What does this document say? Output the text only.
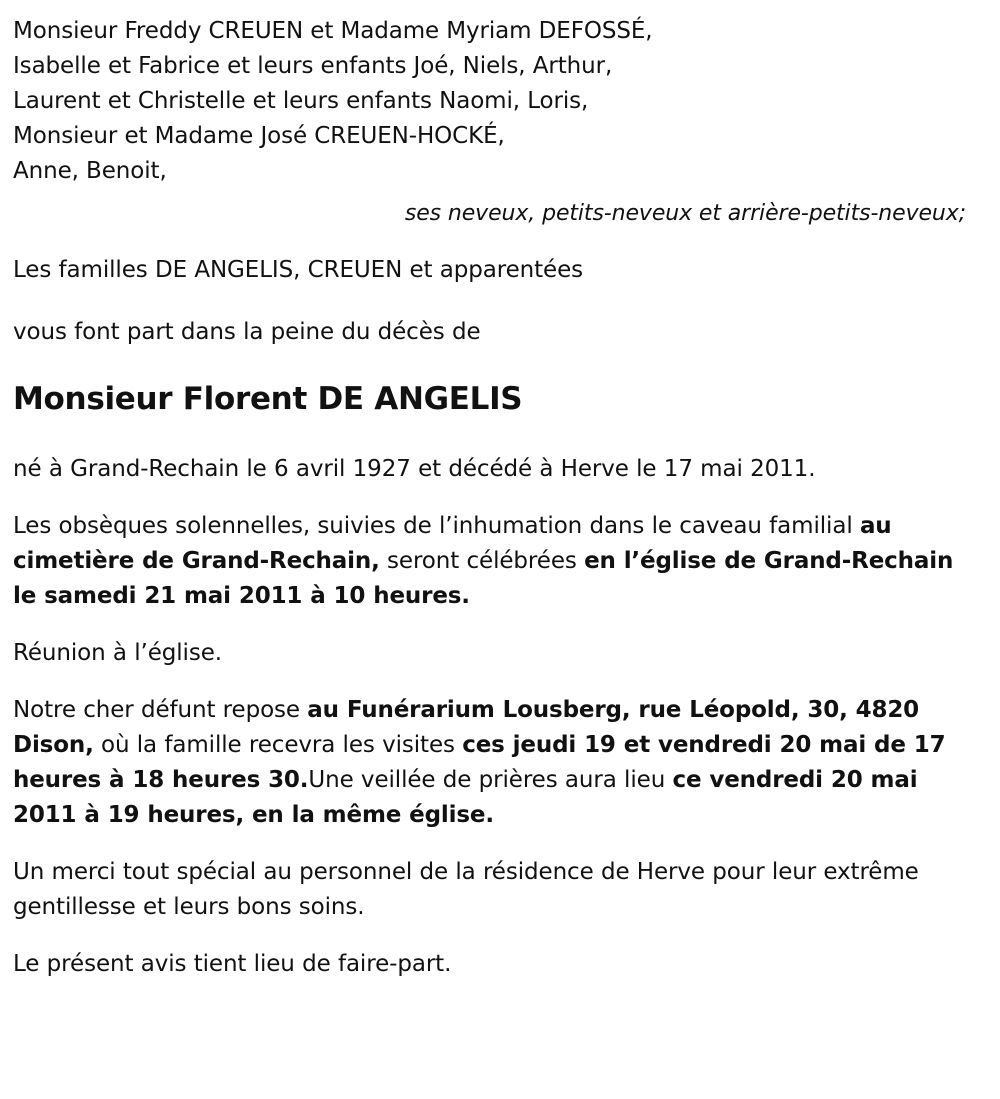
Monsieur Freddy CREUEN et Madame Myriam DEFOSSÉ,
Isabelle et Fabrice et leurs enfants Joé, Niels, Arthur,
Laurent et Christelle et leurs enfants Naomi, Loris,
Monsieur et Madame José CREUEN-HOCKÉ,
Anne, Benoit,

ses neveux, petits-neveux et arrière-petits-neveux;

Les familles DE ANGELIS, CREUEN et apparentées

vous font part dans la peine du décès de

Monsieur Florent DE ANGELIS

né à Grand-Rechain le 6 avril 1927 et décédé à Herve le 17 mai 2011.

Les obsèques solennelles, suivies de l’inhumation dans le caveau familial au cimetière de Grand-Rechain, seront célébrées en l’église de Grand-Rechain le samedi 21 mai 2011 à 10 heures.

Réunion à l’église.

Notre cher défunt repose au Funérarium Lousberg, rue Léopold, 30, 4820 Dison, où la famille recevra les visites ces jeudi 19 et vendredi 20 mai de 17 heures à 18 heures 30.Une veillée de prières aura lieu ce vendredi 20 mai 2011 à 19 heures, en la même église.

Un merci tout spécial au personnel de la résidence de Herve pour leur extrême gentillesse et leurs bons soins.

Le présent avis tient lieu de faire-part.
